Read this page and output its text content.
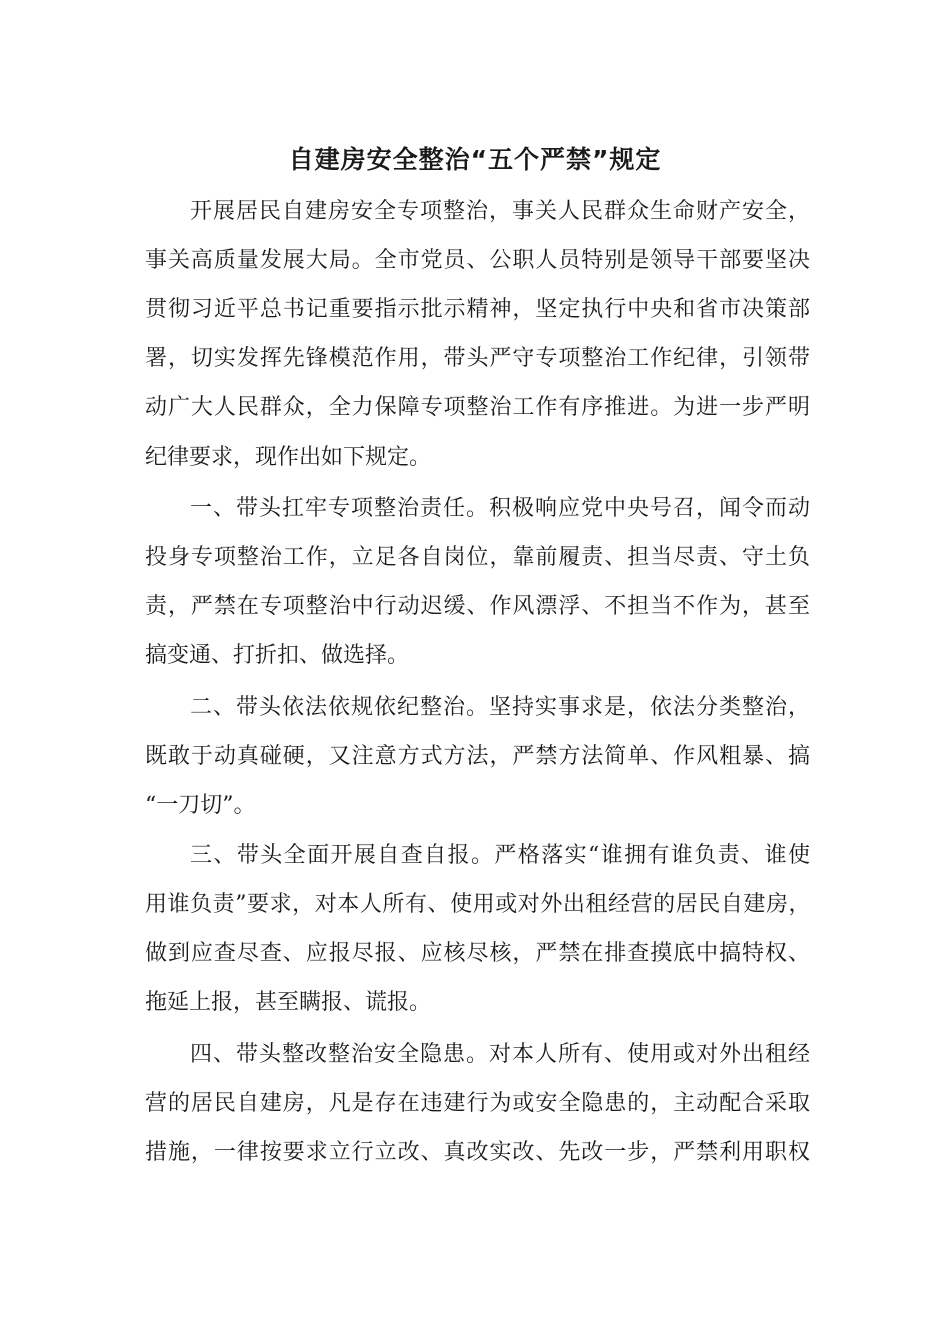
自建房安全整治“五个严禁”规定
开展居民自建房安全专项整治，事关人民群众生命财产安全，
事关高质量发展大局。全市党员、公职人员特别是领导干部要坚决
贯彻习近平总书记重要指示批示精神，坚定执行中央和省市决策部
署，切实发挥先锋模范作用，带头严守专项整治工作纪律，引领带
动广大人民群众，全力保障专项整治工作有序推进。为进一步严明
纪律要求，现作出如下规定。
一、带头扛牢专项整治责任。积极响应党中央号召，闻令而动
投身专项整治工作，立足各自岗位，靠前履责、担当尽责、守土负
责，严禁在专项整治中行动迟缓、作风漂浮、不担当不作为，甚至
搞变通、打折扣、做选择。
二、带头依法依规依纪整治。坚持实事求是，依法分类整治，
既敢于动真碰硬，又注意方式方法，严禁方法简单、作风粗暴、搞
“一刀切”。
三、带头全面开展自查自报。严格落实“谁拥有谁负责、谁使
用谁负责”要求，对本人所有、使用或对外出租经营的居民自建房，
做到应查尽查、应报尽报、应核尽核，严禁在排查摸底中搞特权、
拖延上报，甚至瞒报、谎报。
四、带头整改整治安全隐患。对本人所有、使用或对外出租经
营的居民自建房，凡是存在违建行为或安全隐患的，主动配合采取
措施，一律按要求立行立改、真改实改、先改一步，严禁利用职权
